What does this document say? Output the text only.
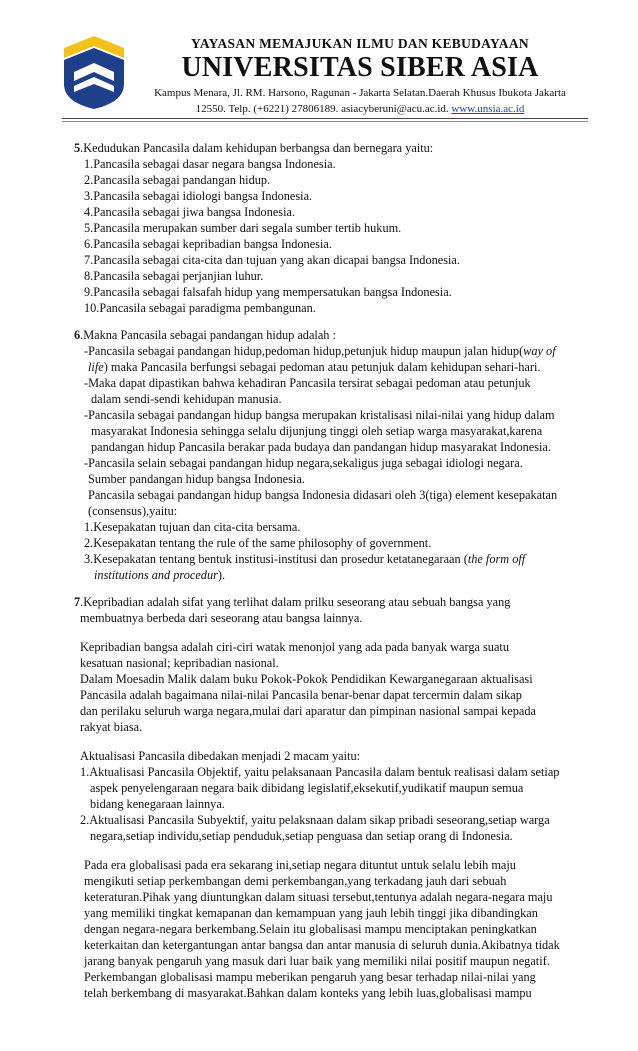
YAYASAN MEMAJUKAN ILMU DAN KEBUDAYAAN
UNIVERSITAS SIBER ASIA
Kampus Menara, Jl. RM. Harsono, Ragunan - Jakarta Selatan.Daerah Khusus Ibukota Jakarta
12550. Telp. (+6221) 27806189. asiacyberuni@acu.ac.id. www.unsia.ac.id
5.Kedudukan Pancasila dalam kehidupan berbangsa dan bernegara yaitu:
1.Pancasila sebagai dasar negara bangsa Indonesia.
2.Pancasila sebagai pandangan hidup.
3.Pancasila sebagai idiologi bangsa Indonesia.
4.Pancasila sebagai jiwa bangsa Indonesia.
5.Pancasila merupakan sumber dari segala sumber tertib hukum.
6.Pancasila sebagai kepribadian bangsa Indonesia.
7.Pancasila sebagai cita-cita dan tujuan yang akan dicapai bangsa Indonesia.
8.Pancasila sebagai perjanjian luhur.
9.Pancasila sebagai falsafah hidup yang mempersatukan bangsa Indonesia.
10.Pancasila sebagai paradigma pembangunan.
6.Makna Pancasila sebagai pandangan hidup adalah :
-Pancasila sebagai pandangan hidup,pedoman hidup,petunjuk hidup maupun jalan hidup(way of
life) maka Pancasila berfungsi sebagai pedoman atau petunjuk dalam kehidupan sehari-hari.
-Maka dapat dipastikan bahwa kehadiran Pancasila tersirat sebagai pedoman atau petunjuk
dalam sendi-sendi kehidupan manusia.
-Pancasila sebagai pandangan hidup bangsa merupakan kristalisasi nilai-nilai yang hidup dalam
masyarakat Indonesia sehingga selalu dijunjung tinggi oleh setiap warga masyarakat,karena
pandangan hidup Pancasila berakar pada budaya dan pandangan hidup masyarakat Indonesia.
-Pancasila selain sebagai pandangan hidup negara,sekaligus juga sebagai idiologi negara.
Sumber pandangan hidup bangsa Indonesia.
Pancasila sebagai pandangan hidup bangsa Indonesia didasari oleh 3(tiga) element kesepakatan
(consensus),yaitu:
1.Kesepakatan tujuan dan cita-cita bersama.
2.Kesepakatan tentang the rule of the same philosophy of government.
3.Kesepakatan tentang bentuk institusi-institusi dan prosedur ketatanegaraan (the form off
institutions and procedur).
7.Kepribadian adalah sifat yang terlihat dalam prilku seseorang atau sebuah bangsa yang
membuatnya berbeda dari seseorang atau bangsa lainnya.
Kepribadian bangsa adalah ciri-ciri watak menonjol yang ada pada banyak warga suatu
kesatuan nasional; kepribadian nasional.
Dalam Moesadin Malik dalam buku Pokok-Pokok Pendidikan Kewarganegaraan aktualisasi
Pancasila adalah bagaimana nilai-nilai Pancasila benar-benar dapat tercermin dalam sikap
dan perilaku seluruh warga negara,mulai dari aparatur dan pimpinan nasional sampai kepada
rakyat biasa.
Aktualisasi Pancasila dibedakan menjadi 2 macam yaitu:
1.Aktualisasi Pancasila Objektif, yaitu pelaksanaan Pancasila dalam bentuk realisasi dalam setiap
aspek penyelengaraan negara baik dibidang legislatif,eksekutif,yudikatif maupun semua
bidang kenegaraan lainnya.
2.Aktualisasi Pancasila Subyektif, yaitu pelaksnaan dalam sikap pribadi seseorang,setiap warga
negara,setiap individu,setiap penduduk,setiap penguasa dan setiap orang di Indonesia.
Pada era globalisasi pada era sekarang ini,setiap negara dituntut untuk selalu lebih maju
mengikuti setiap perkembangan demi perkembangan,yang terkadang jauh dari sebuah
keteraturan.Pihak yang diuntungkan dalam situasi tersebut,tentunya adalah negara-negara maju
yang memiliki tingkat kemapanan dan kemampuan yang jauh lebih tinggi jika dibandingkan
dengan negara-negara berkembang.Selain itu globalisasi mampu menciptakan peningkatkan
keterkaitan dan ketergantungan antar bangsa dan antar manusia di seluruh dunia.Akibatnya tidak
jarang banyak pengaruh yang masuk dari luar baik yang memiliki nilai positif maupun negatif.
Perkembangan globalisasi mampu meberikan pengaruh yang besar terhadap nilai-nilai yang
telah berkembang di masyarakat.Bahkan dalam konteks yang lebih luas,globalisasi mampu
